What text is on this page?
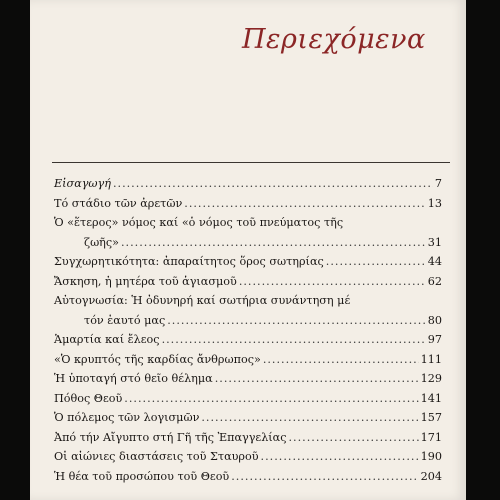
Περιεχόμενα
Εἰσαγωγή .....	7
Τό στάδιο τῶν ἀρετῶν .....	13
Ὁ «ἕτερος» νόμος καί «ὁ νόμος τοῦ πνεύματος τῆς
ζωῆς» .....	31
Συγχωρητικότητα: ἀπαραίτητος ὅρος σωτηρίας .....	44
Ἄσκηση, ἡ μητέρα τοῦ ἁγιασμοῦ .....	62
Αὐτογνωσία: Ἡ ὀδυνηρή καί σωτήρια συνάντηση μέ
τόν ἑαυτό μας .....	80
Ἁμαρτία καί ἔλεος .....	97
«Ὁ κρυπτός τῆς καρδίας ἄνθρωπος» .....	111
Ἡ ὑποταγή στό θεῖο θέλημα .....	129
Πόθος Θεοῦ .....	141
Ὁ πόλεμος τῶν λογισμῶν .....	157
Ἀπό τήν Αἴγυπτο στή Γῆ τῆς Ἐπαγγελίας .....	171
Οἱ αἰώνιες διαστάσεις τοῦ Σταυροῦ .....	190
Ἡ θέα τοῦ προσώπου τοῦ Θεοῦ .....	204
